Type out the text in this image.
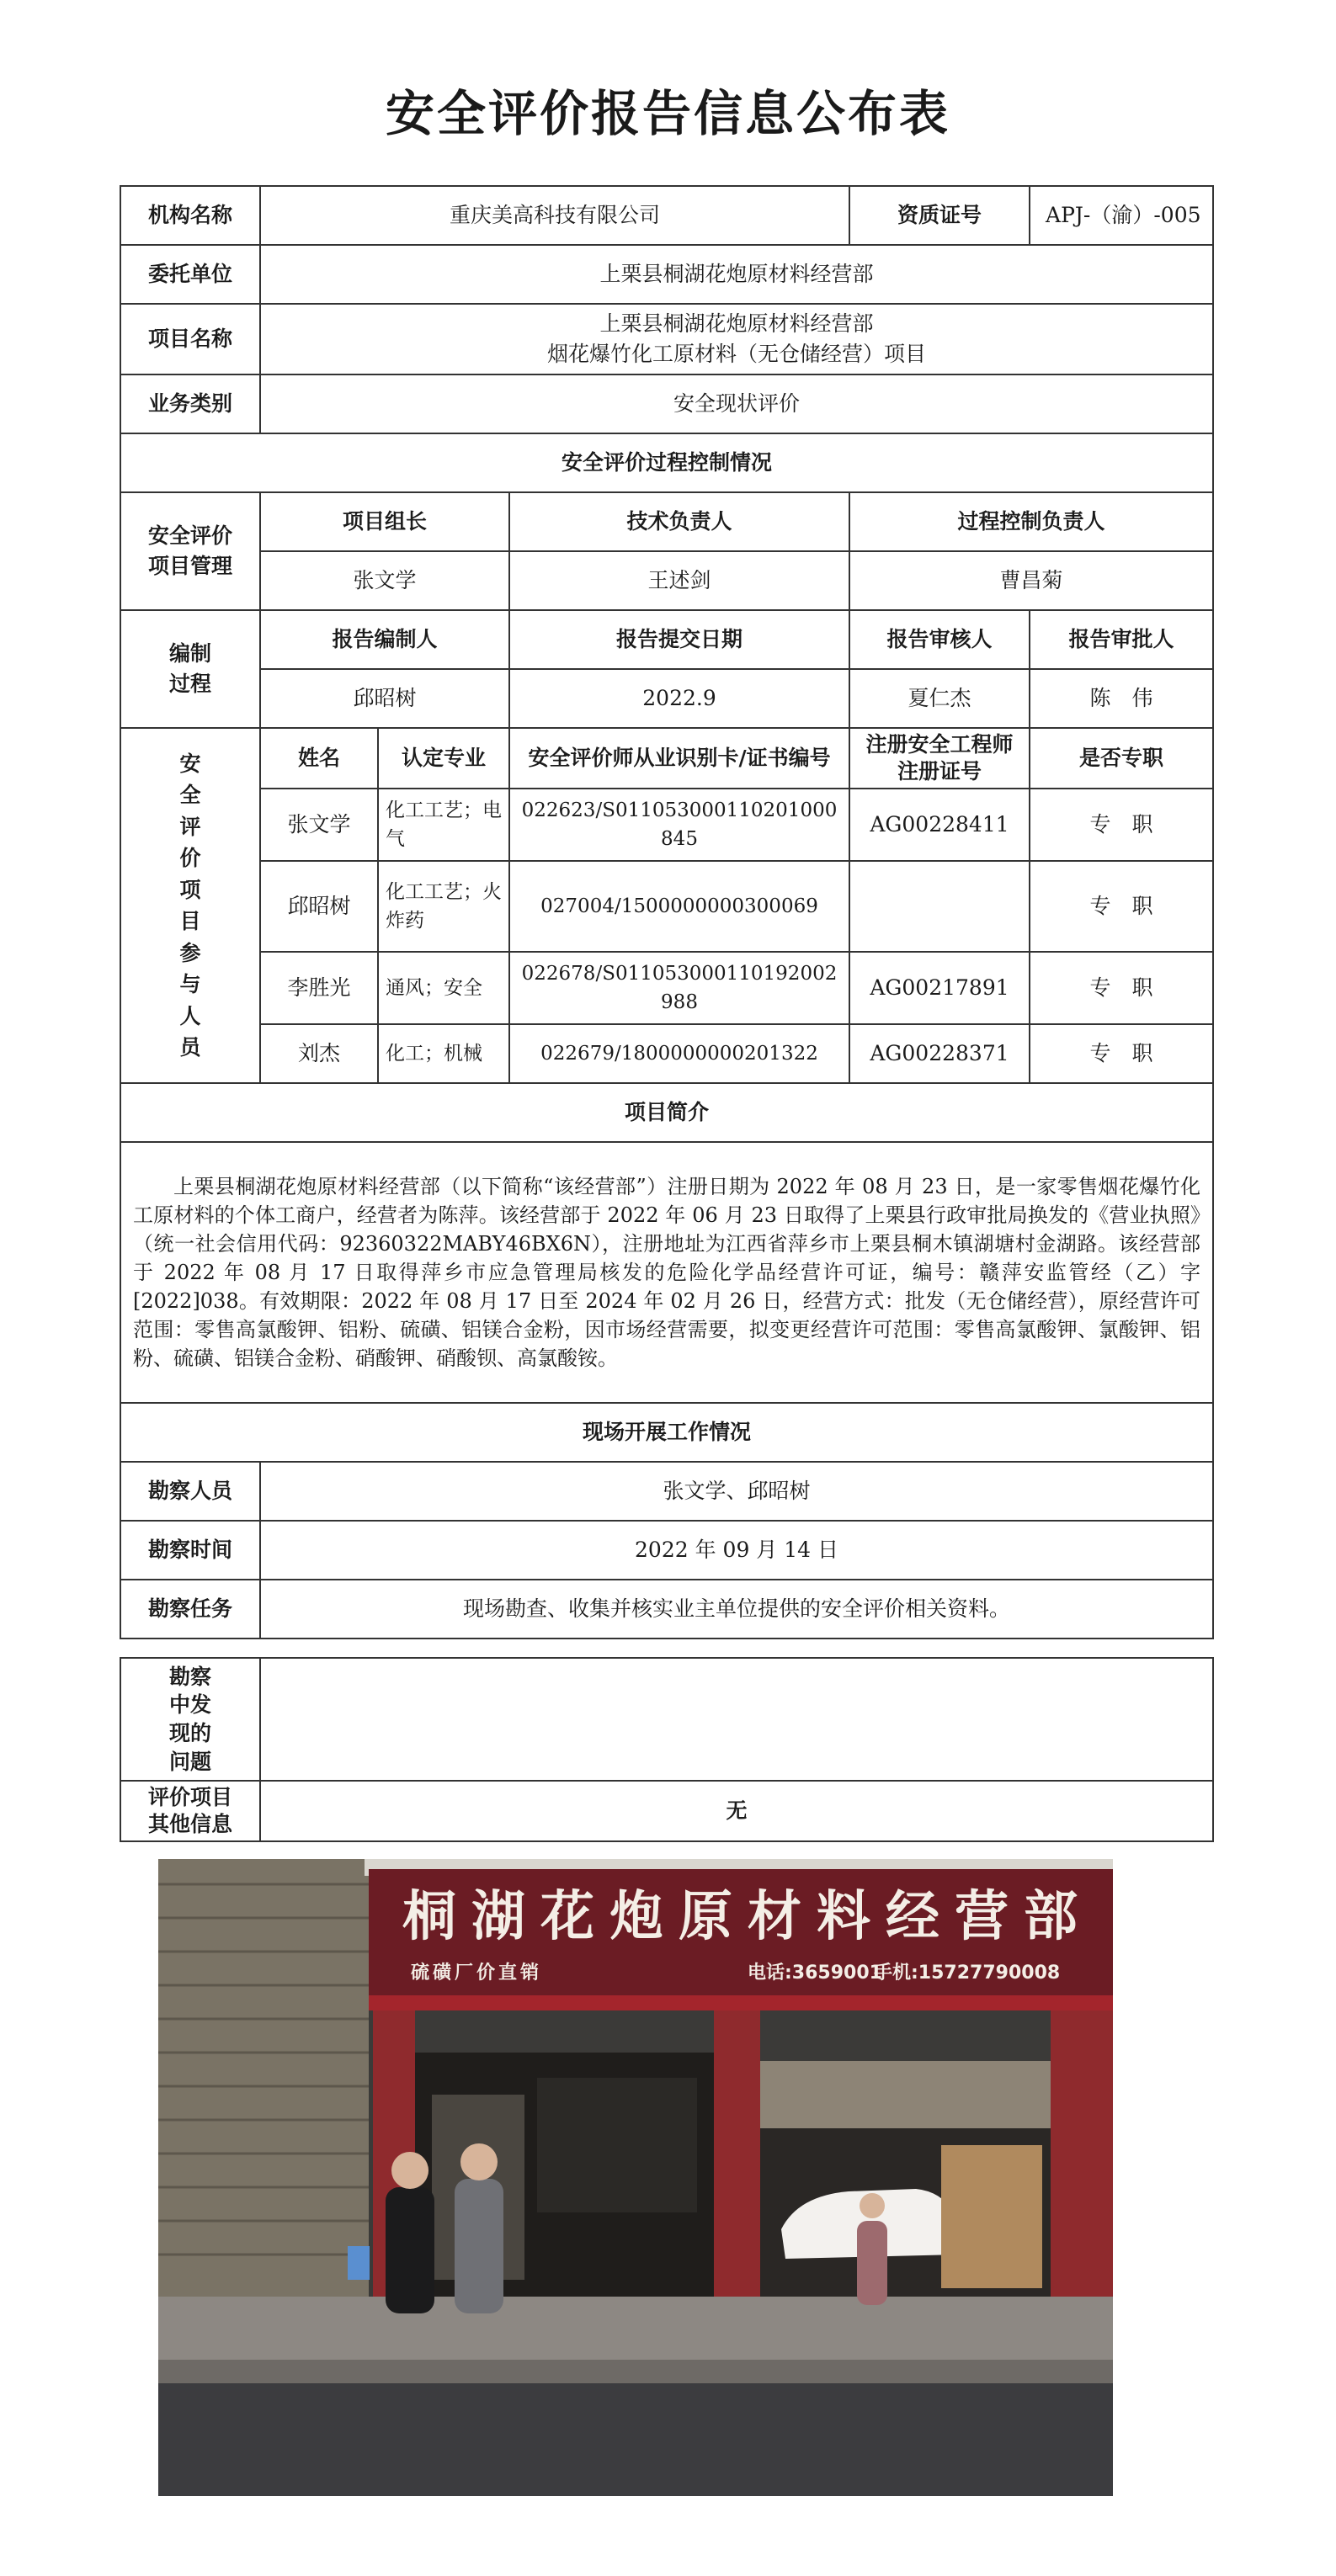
安全评价报告信息公布表
机构名称	重庆美高科技有限公司			资质证号	APJ-（渝）-005
委托单位	上栗县桐湖花炮原材料经营部				
项目名称	上栗县桐湖花炮原材料经营部
烟花爆竹化工原材料（无仓储经营）项目				

业务类别	安全现状评价				
安全评价过程控制情况					

安全评价项目管理	项目组长		技术负责人	过程控制负责人	
	张文学		王述剑	曹昌菊	

编制过程	报告编制人		报告提交日期	报告审核人	报告审批人
	邱昭树		2022.9	夏仁杰	陈　伟

安全评价项目参与人员	姓名	认定专业	安全评价师从业识别卡/证书编号	注册安全工程师注册证号	是否专职
	张文学	化工工艺；电气	022623/S011053000110201000845	AG00228411	专　职
	邱昭树	化工工艺；火炸药	027004/1500000000300069		专　职
	李胜光	通风；安全	022678/S011053000110192002988	AG00217891	专　职
	刘杰	化工；机械	022679/1800000000201322	AG00228371	专　职
项目简介					
上栗县桐湖花炮原材料经营部（以下简称“该经营部”）注册日期为 2022 年 08 月 23 日，是一家零售烟花爆竹化工原材料的个体工商户，经营者为陈萍。该经营部于 2022 年 06 月 23 日取得了上栗县行政审批局换发的《营业执照》（统一社会信用代码：92360322MABY46BX6N），注册地址为江西省萍乡市上栗县桐木镇湖塘村金湖路。该经营部于 2022 年 08 月 17 日取得萍乡市应急管理局核发的危险化学品经营许可证，编号：赣萍安监管经（乙）字[2022]038。有效期限：2022 年 08 月 17 日至 2024 年 02 月 26 日，经营方式：批发（无仓储经营），原经营许可范围：零售高氯酸钾、铝粉、硫磺、铝镁合金粉，因市场经营需要，拟变更经营许可范围：零售高氯酸钾、氯酸钾、铝粉、硫磺、铝镁合金粉、硝酸钾、硝酸钡、高氯酸铵。					
现场开展工作情况					
勘察人员	张文学、邱昭树				
勘察时间	2022 年 09 月 14 日				
勘察任务	现场勘查、收集并核实业主单位提供的安全评价相关资料。				
勘察中发现的问题	

评价项目其他信息	无
桐湖花炮原材料经营部
硫磺厂价直销	电话:3659001
手机:15727790008
